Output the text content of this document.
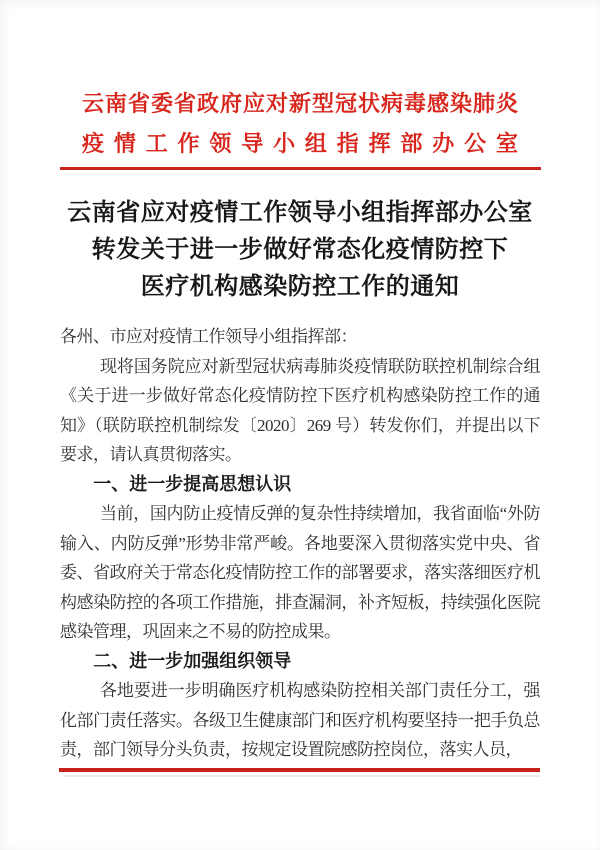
云南省委省政府应对新型冠状病毒感染肺炎
疫情工作领导小组指挥部办公室
云南省应对疫情工作领导小组指挥部办公室
转发关于进一步做好常态化疫情防控下
医疗机构感染防控工作的通知

各州、市应对疫情工作领导小组指挥部：

现将国务院应对新型冠状病毒肺炎疫情联防联控机制综合组《关于进一步做好常态化疫情防控下医疗机构感染防控工作的通知》（联防联控机制综发〔2020〕269 号）转发你们，并提出以下要求，请认真贯彻落实。

一、进一步提高思想认识

当前，国内防止疫情反弹的复杂性持续增加，我省面临“外防输入、内防反弹”形势非常严峻。各地要深入贯彻落实党中央、省委、省政府关于常态化疫情防控工作的部署要求，落实落细医疗机构感染防控的各项工作措施，排查漏洞，补齐短板，持续强化医院感染管理，巩固来之不易的防控成果。

二、进一步加强组织领导

各地要进一步明确医疗机构感染防控相关部门责任分工，强化部门责任落实。各级卫生健康部门和医疗机构要坚持一把手负总责，部门领导分头负责，按规定设置院感防控岗位，落实人员，
